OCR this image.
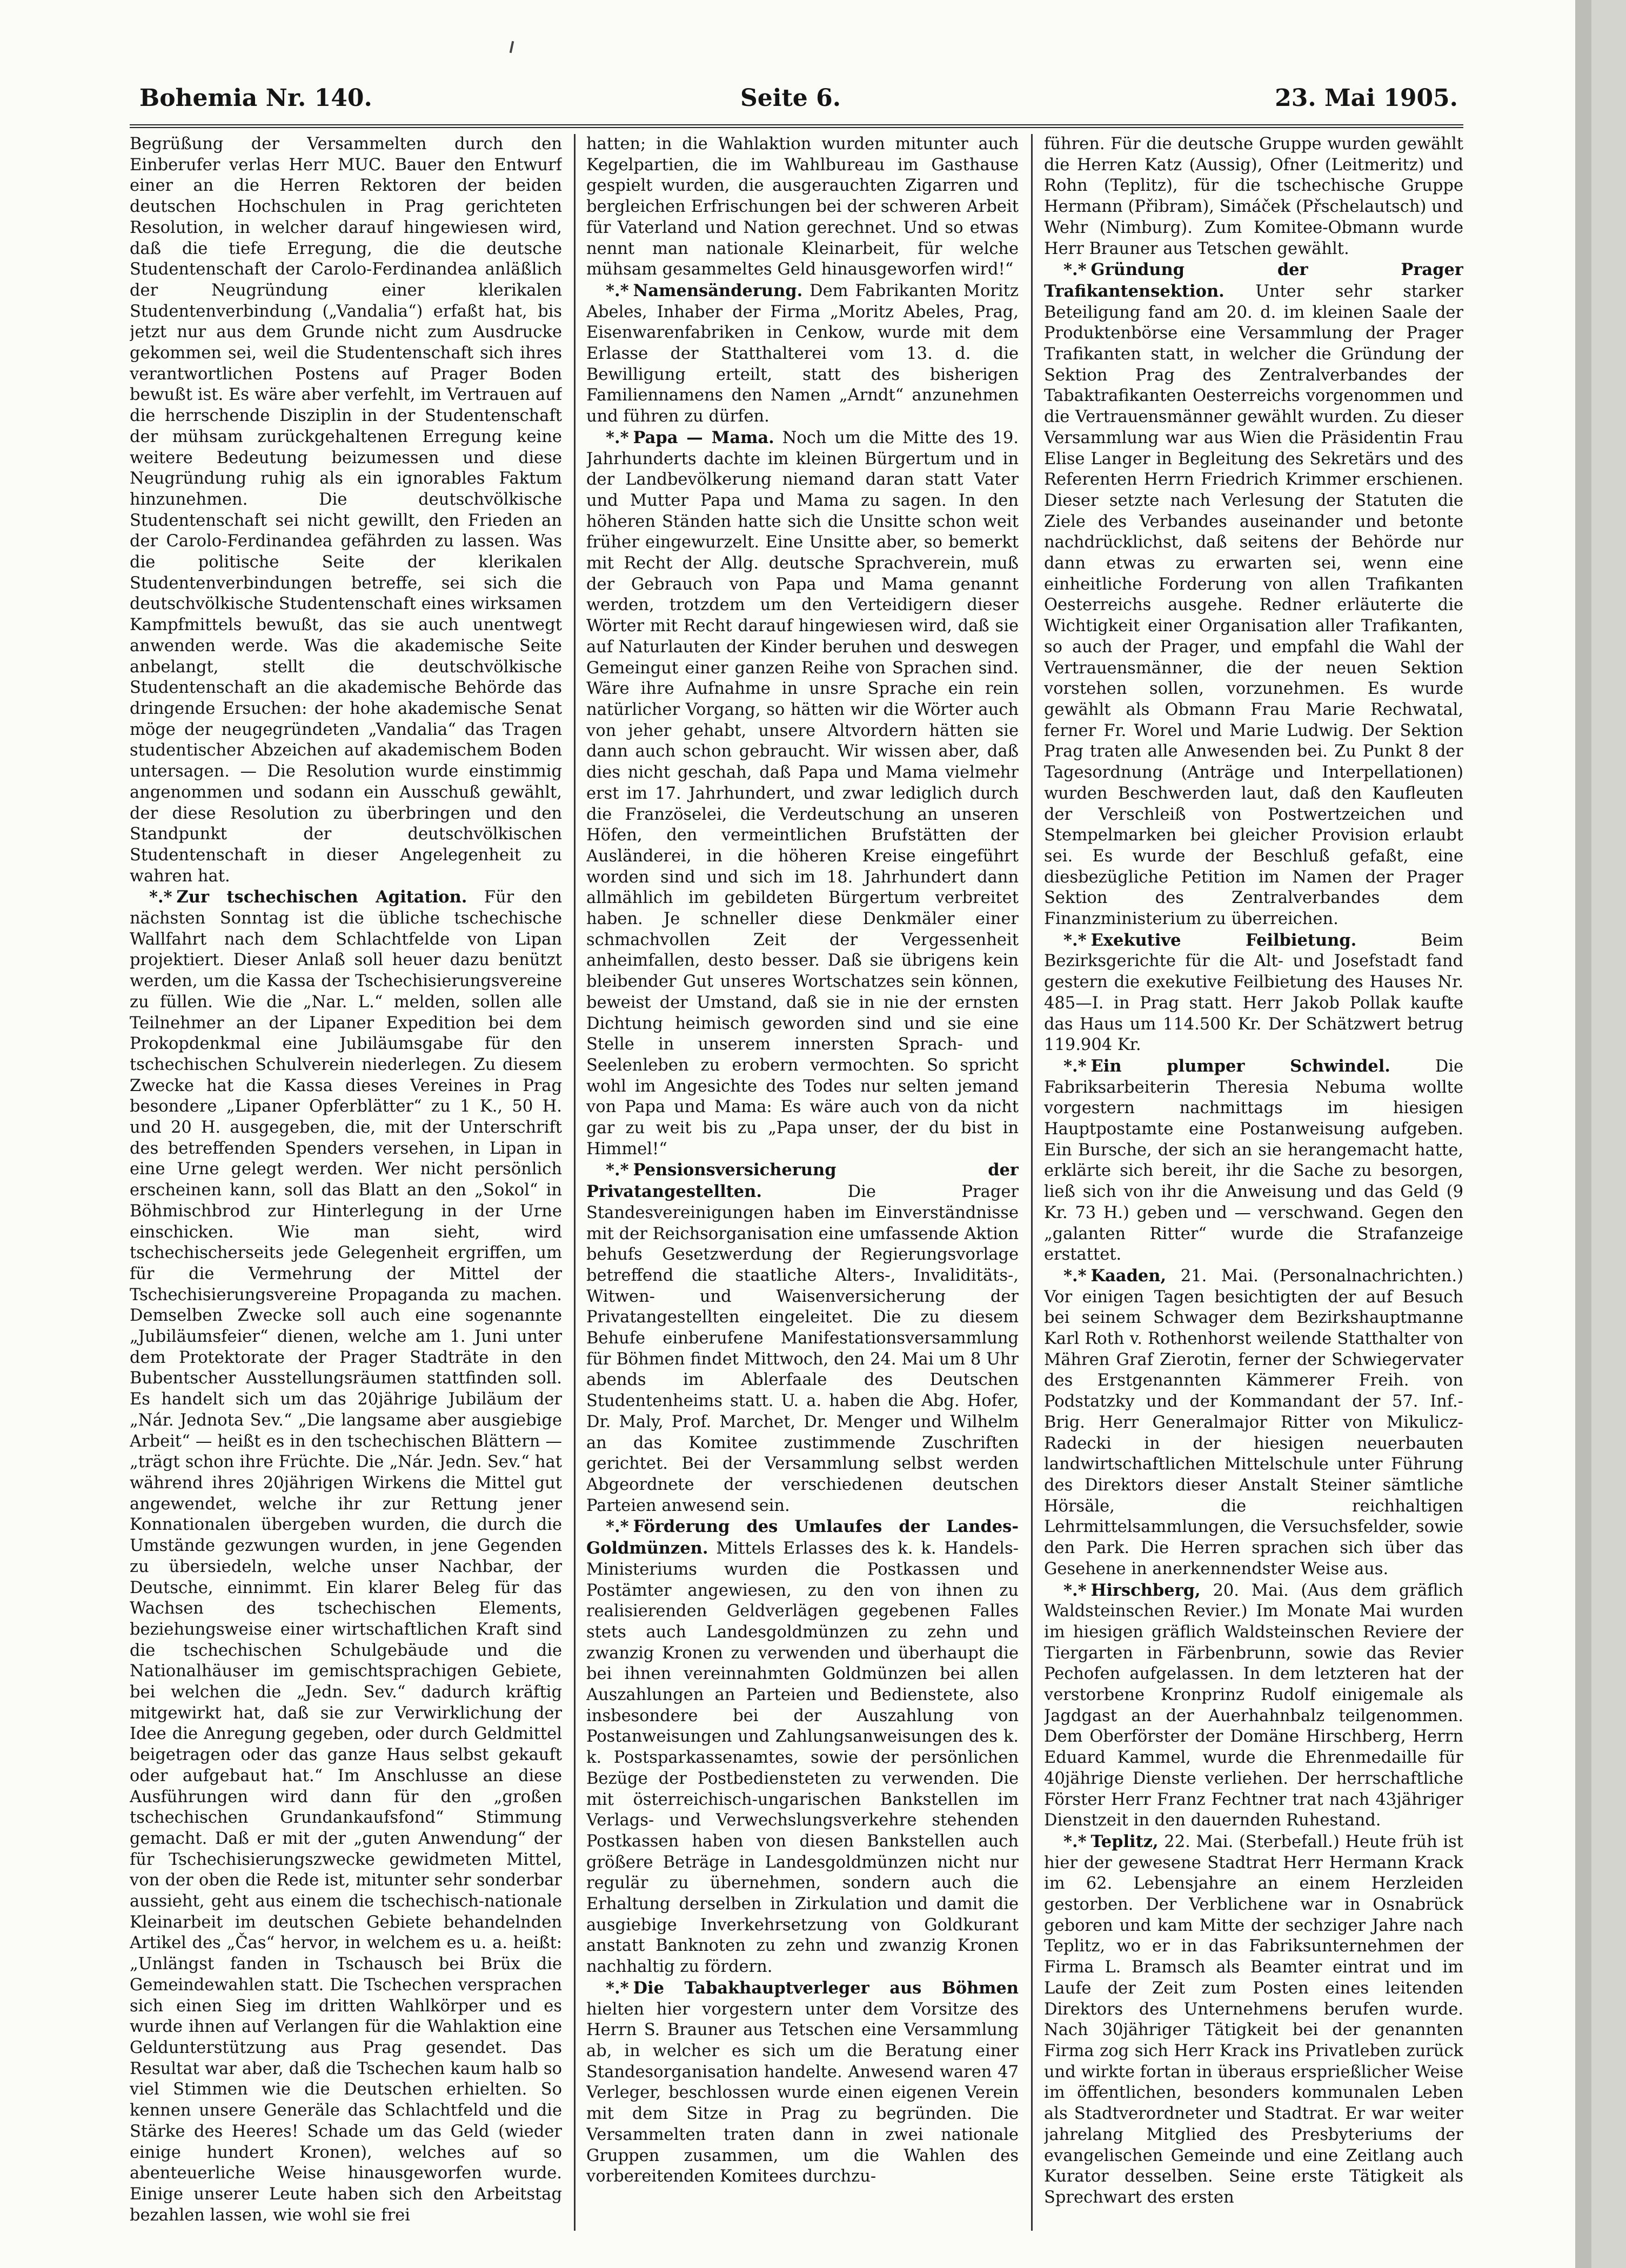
Bohemia Nr. 140.	Seite 6.	23. Mai 1905.

Begrüßung der Versammelten durch den Einberufer verlas Herr MUC. Bauer den Entwurf einer an die Herren Rektoren der beiden deutschen Hochschulen in Prag gerichteten Resolution, in welcher darauf hingewiesen wird, daß die tiefe Erregung, die die deutsche Studentenschaft der Carolo-Ferdinandea anläßlich der Neugründung einer klerikalen Studentenverbindung („Vandalia“) erfaßt hat, bis jetzt nur aus dem Grunde nicht zum Ausdrucke gekommen sei, weil die Studentenschaft sich ihres verantwortlichen Postens auf Prager Boden bewußt ist. Es wäre aber verfehlt, im Vertrauen auf die herrschende Disziplin in der Studentenschaft der mühsam zurückgehaltenen Erregung keine weitere Bedeutung beizumessen und diese Neugründung ruhig als ein ignorables Faktum hinzunehmen. Die deutschvölkische Studentenschaft sei nicht gewillt, den Frieden an der Carolo-Ferdinandea gefährden zu lassen. Was die politische Seite der klerikalen Studentenverbindungen betreffe, sei sich die deutschvölkische Studentenschaft eines wirksamen Kampfmittels bewußt, das sie auch unentwegt anwenden werde. Was die akademische Seite anbelangt, stellt die deutschvölkische Studentenschaft an die akademische Behörde das dringende Ersuchen: der hohe akademische Senat möge der neugegründeten „Vandalia“ das Tragen studentischer Abzeichen auf akademischem Boden untersagen. — Die Resolution wurde einstimmig angenommen und sodann ein Ausschuß gewählt, der diese Resolution zu überbringen und den Standpunkt der deutschvölkischen Studentenschaft in dieser Angelegenheit zu wahren hat.

*.* Zur tschechischen Agitation. Für den nächsten Sonntag ist die übliche tschechische Wallfahrt nach dem Schlachtfelde von Lipan projektiert. Dieser Anlaß soll heuer dazu benützt werden, um die Kassa der Tschechisierungsvereine zu füllen. Wie die „Nar. L.“ melden, sollen alle Teilnehmer an der Lipaner Expedition bei dem Prokopdenkmal eine Jubiläumsgabe für den tschechischen Schulverein niederlegen. Zu diesem Zwecke hat die Kassa dieses Vereines in Prag besondere „Lipaner Opferblätter“ zu 1 K., 50 H. und 20 H. ausgegeben, die, mit der Unterschrift des betreffenden Spenders versehen, in Lipan in eine Urne gelegt werden. Wer nicht persönlich erscheinen kann, soll das Blatt an den „Sokol“ in Böhmischbrod zur Hinterlegung in der Urne einschicken. Wie man sieht, wird tschechischerseits jede Gelegenheit ergriffen, um für die Vermehrung der Mittel der Tschechisierungsvereine Propaganda zu machen. Demselben Zwecke soll auch eine sogenannte „Jubiläumsfeier“ dienen, welche am 1. Juni unter dem Protektorate der Prager Stadträte in den Bubentscher Ausstellungsräumen stattfinden soll. Es handelt sich um das 20jährige Jubiläum der „Nár. Jednota Sev.“ „Die langsame aber ausgiebige Arbeit“ — heißt es in den tschechischen Blättern — „trägt schon ihre Früchte. Die „Nár. Jedn. Sev.“ hat während ihres 20jährigen Wirkens die Mittel gut angewendet, welche ihr zur Rettung jener Konnationalen übergeben wurden, die durch die Umstände gezwungen wurden, in jene Gegenden zu übersiedeln, welche unser Nachbar, der Deutsche, einnimmt. Ein klarer Beleg für das Wachsen des tschechischen Elements, beziehungsweise einer wirtschaftlichen Kraft sind die tschechischen Schulgebäude und die Nationalhäuser im gemischtsprachigen Gebiete, bei welchen die „Jedn. Sev.“ dadurch kräftig mitgewirkt hat, daß sie zur Verwirklichung der Idee die Anregung gegeben, oder durch Geldmittel beigetragen oder das ganze Haus selbst gekauft oder aufgebaut hat.“ Im Anschlusse an diese Ausführungen wird dann für den „großen tschechischen Grundankaufsfond“ Stimmung gemacht. Daß er mit der „guten Anwendung“ der für Tschechisierungszwecke gewidmeten Mittel, von der oben die Rede ist, mitunter sehr sonderbar aussieht, geht aus einem die tschechisch-nationale Kleinarbeit im deutschen Gebiete behandelnden Artikel des „Čas“ hervor, in welchem es u. a. heißt: „Unlängst fanden in Tschausch bei Brüx die Gemeindewahlen statt. Die Tschechen versprachen sich einen Sieg im dritten Wahlkörper und es wurde ihnen auf Verlangen für die Wahlaktion eine Geldunterstützung aus Prag gesendet. Das Resultat war aber, daß die Tschechen kaum halb so viel Stimmen wie die Deutschen erhielten. So kennen unsere Generäle das Schlachtfeld und die Stärke des Heeres! Schade um das Geld (wieder einige hundert Kronen), welches auf so abenteuerliche Weise hinausgeworfen wurde. Einige unserer Leute haben sich den Arbeitstag bezahlen lassen, wie wohl sie frei

hatten; in die Wahlaktion wurden mitunter auch Kegelpartien, die im Wahlbureau im Gasthause gespielt wurden, die ausgerauchten Zigarren und bergleichen Erfrischungen bei der schweren Arbeit für Vaterland und Nation gerechnet. Und so etwas nennt man nationale Kleinarbeit, für welche mühsam gesammeltes Geld hinausgeworfen wird!“

*.* Namensänderung. Dem Fabrikanten Moritz Abeles, Inhaber der Firma „Moritz Abeles, Prag, Eisenwarenfabriken in Cenkow, wurde mit dem Erlasse der Statthalterei vom 13. d. die Bewilligung erteilt, statt des bisherigen Familiennamens den Namen „Arndt“ anzunehmen und führen zu dürfen.

*.* Papa — Mama. Noch um die Mitte des 19. Jahrhunderts dachte im kleinen Bürgertum und in der Landbevölkerung niemand daran statt Vater und Mutter Papa und Mama zu sagen. In den höheren Ständen hatte sich die Unsitte schon weit früher eingewurzelt. Eine Unsitte aber, so bemerkt mit Recht der Allg. deutsche Sprachverein, muß der Gebrauch von Papa und Mama genannt werden, trotzdem um den Verteidigern dieser Wörter mit Recht darauf hingewiesen wird, daß sie auf Naturlauten der Kinder beruhen und deswegen Gemeingut einer ganzen Reihe von Sprachen sind. Wäre ihre Aufnahme in unsre Sprache ein rein natürlicher Vorgang, so hätten wir die Wörter auch von jeher gehabt, unsere Altvordern hätten sie dann auch schon gebraucht. Wir wissen aber, daß dies nicht geschah, daß Papa und Mama vielmehr erst im 17. Jahrhundert, und zwar lediglich durch die Französelei, die Verdeutschung an unseren Höfen, den vermeintlichen Brufstätten der Ausländerei, in die höheren Kreise eingeführt worden sind und sich im 18. Jahrhundert dann allmählich im gebildeten Bürgertum verbreitet haben. Je schneller diese Denkmäler einer schmachvollen Zeit der Vergessenheit anheimfallen, desto besser. Daß sie übrigens kein bleibender Gut unseres Wortschatzes sein können, beweist der Umstand, daß sie in nie der ernsten Dichtung heimisch geworden sind und sie eine Stelle in unserem innersten Sprach- und Seelenleben zu erobern vermochten. So spricht wohl im Angesichte des Todes nur selten jemand von Papa und Mama: Es wäre auch von da nicht gar zu weit bis zu „Papa unser, der du bist in Himmel!“

*.* Pensionsversicherung der Privatangestellten.	Die Prager Standesvereinigungen haben im Einverständnisse mit der Reichsorganisation eine umfassende Aktion behufs Gesetzwerdung der Regierungsvorlage betreffend die staatliche Alters-, Invaliditäts-, Witwen- und Waisenversicherung der Privatangestellten eingeleitet. Die zu diesem Behufe einberufene Manifestationsversammlung für Böhmen findet Mittwoch, den 24. Mai um 8 Uhr abends im Ablerfaale des Deutschen Studentenheims statt. U. a. haben die Abg. Hofer, Dr. Maly, Prof. Marchet, Dr. Menger und Wilhelm an das Komitee zustimmende Zuschriften gerichtet. Bei der Versammlung selbst werden Abgeordnete der verschiedenen deutschen Parteien anwesend sein.

*.* Förderung des Umlaufes der Landes-Goldmünzen. Mittels Erlasses des k. k. Handels-Ministeriums wurden die Postkassen und Postämter angewiesen, zu den von ihnen zu realisierenden Geldverlägen gegebenen Falles stets auch Landesgoldmünzen zu zehn und zwanzig Kronen zu verwenden und überhaupt die bei ihnen vereinnahmten Goldmünzen bei allen Auszahlungen an Parteien und Bedienstete, also insbesondere bei der Auszahlung von Postanweisungen und Zahlungsanweisungen des k. k. Postsparkassenamtes, sowie der persönlichen Bezüge der Postbediensteten zu verwenden. Die mit österreichisch-ungarischen Bankstellen im Verlags- und Verwechslungsverkehre stehenden Postkassen haben von diesen Bankstellen auch größere Beträge in Landesgoldmünzen nicht nur regulär zu übernehmen, sondern auch die Erhaltung derselben in Zirkulation und damit die ausgiebige Inverkehrsetzung von Goldkurant anstatt Banknoten zu zehn und zwanzig Kronen nachhaltig zu fördern.

*.* Die Tabakhauptverleger aus Böhmen hielten hier vorgestern unter dem Vorsitze des Herrn S. Brauner aus Tetschen eine Versammlung ab, in welcher es sich um die Beratung einer Standesorganisation handelte. Anwesend waren 47 Verleger, beschlossen wurde einen eigenen Verein mit dem Sitze in Prag zu begründen. Die Versammelten traten dann in zwei nationale Gruppen zusammen, um die Wahlen des vorbereitenden Komitees durchzu-

führen. Für die deutsche Gruppe wurden gewählt die Herren Katz (Aussig), Ofner (Leitmeritz) und Rohn (Teplitz), für die tschechische Gruppe Hermann (Přibram), Simáček (Přschelautsch) und Wehr (Nimburg). Zum Komitee-Obmann wurde Herr Brauner aus Tetschen gewählt.

*.* Gründung der Prager Trafikantensektion. Unter sehr starker Beteiligung fand am 20. d. im kleinen Saale der Produktenbörse eine Versammlung der Prager Trafikanten statt, in welcher die Gründung der Sektion Prag des Zentralverbandes der Tabaktrafikanten Oesterreichs vorgenommen und die Vertrauensmänner gewählt wurden. Zu dieser Versammlung war aus Wien die Präsidentin Frau Elise Langer in Begleitung des Sekretärs und des Referenten Herrn Friedrich Krimmer erschienen. Dieser setzte nach Verlesung der Statuten die Ziele des Verbandes auseinander und betonte nachdrücklichst, daß seitens der Behörde nur dann etwas zu erwarten sei, wenn eine einheitliche Forderung von allen Trafikanten Oesterreichs ausgehe. Redner erläuterte die Wichtigkeit einer Organisation aller Trafikanten, so auch der Prager, und empfahl die Wahl der Vertrauensmänner, die der neuen Sektion vorstehen sollen, vorzunehmen. Es wurde gewählt als Obmann Frau Marie Rechwatal, ferner Fr. Worel und Marie Ludwig. Der Sektion Prag traten alle Anwesenden bei. Zu Punkt 8 der Tagesordnung (Anträge und Interpellationen) wurden Beschwerden laut, daß den Kaufleuten der Verschleiß von Postwertzeichen und Stempelmarken bei gleicher Provision erlaubt sei. Es wurde der Beschluß gefaßt, eine diesbezügliche Petition im Namen der Prager Sektion des Zentralverbandes dem Finanzministerium zu überreichen.

*.* Exekutive Feilbietung.	Beim Bezirksgerichte für die Alt- und Josefstadt fand gestern die exekutive Feilbietung des Hauses Nr. 485—I. in Prag statt. Herr Jakob Pollak kaufte das Haus um 114.500 Kr. Der Schätzwert betrug 119.904 Kr.

*.* Ein plumper Schwindel.	Die Fabriksarbeiterin Theresia Nebuma wollte vorgestern nachmittags im hiesigen Hauptpostamte eine Postanweisung aufgeben. Ein Bursche, der sich an sie herangemacht hatte, erklärte sich bereit, ihr die Sache zu besorgen, ließ sich von ihr die Anweisung und das Geld (9 Kr. 73 H.) geben und — verschwand. Gegen den „galanten Ritter“ wurde die Strafanzeige erstattet.

*.* Kaaden, 21. Mai. (Personalnachrichten.) Vor einigen Tagen besichtigten der auf Besuch bei seinem Schwager dem Bezirkshauptmanne Karl Roth v. Rothenhorst weilende Statthalter von Mähren Graf Zierotin, ferner der Schwiegervater des Erstgenannten Kämmerer Freih. von Podstatzky und der Kommandant der 57. Inf.-Brig. Herr Generalmajor Ritter von Mikulicz-Radecki in der hiesigen neuerbauten landwirtschaftlichen Mittelschule unter Führung des Direktors dieser Anstalt Steiner sämtliche Hörsäle, die reichhaltigen Lehrmittelsammlungen, die Versuchsfelder, sowie den Park. Die Herren sprachen sich über das Gesehene in anerkennendster Weise aus.

*.* Hirschberg, 20. Mai. (Aus dem gräflich Waldsteinschen Revier.) Im Monate Mai wurden im hiesigen gräflich Waldsteinschen Reviere der Tiergarten in Färbenbrunn, sowie das Revier Pechofen aufgelassen. In dem letzteren hat der verstorbene Kronprinz Rudolf einigemale als Jagdgast an der Auerhahnbalz teilgenommen. Dem Oberförster der Domäne Hirschberg, Herrn Eduard Kammel, wurde die Ehrenmedaille für 40jährige Dienste verliehen. Der herrschaftliche Förster Herr Franz Fechtner trat nach 43jähriger Dienstzeit in den dauernden Ruhestand.

*.* Teplitz, 22. Mai. (Sterbefall.) Heute früh ist hier der gewesene Stadtrat Herr Hermann Krack im 62. Lebensjahre an einem Herzleiden gestorben. Der Verblichene war in Osnabrück geboren und kam Mitte der sechziger Jahre nach Teplitz, wo er in das Fabriksunternehmen der Firma L. Bramsch als Beamter eintrat und im Laufe der Zeit zum Posten eines leitenden Direktors des Unternehmens berufen wurde. Nach 30jähriger Tätigkeit bei der genannten Firma zog sich Herr Krack ins Privatleben zurück und wirkte fortan in überaus ersprießlicher Weise im öffentlichen, besonders kommunalen Leben als Stadtverordneter und Stadtrat. Er war weiter jahrelang Mitglied des Presbyteriums der evangelischen Gemeinde und eine Zeitlang auch Kurator desselben. Seine erste Tätigkeit als Sprechwart des ersten
